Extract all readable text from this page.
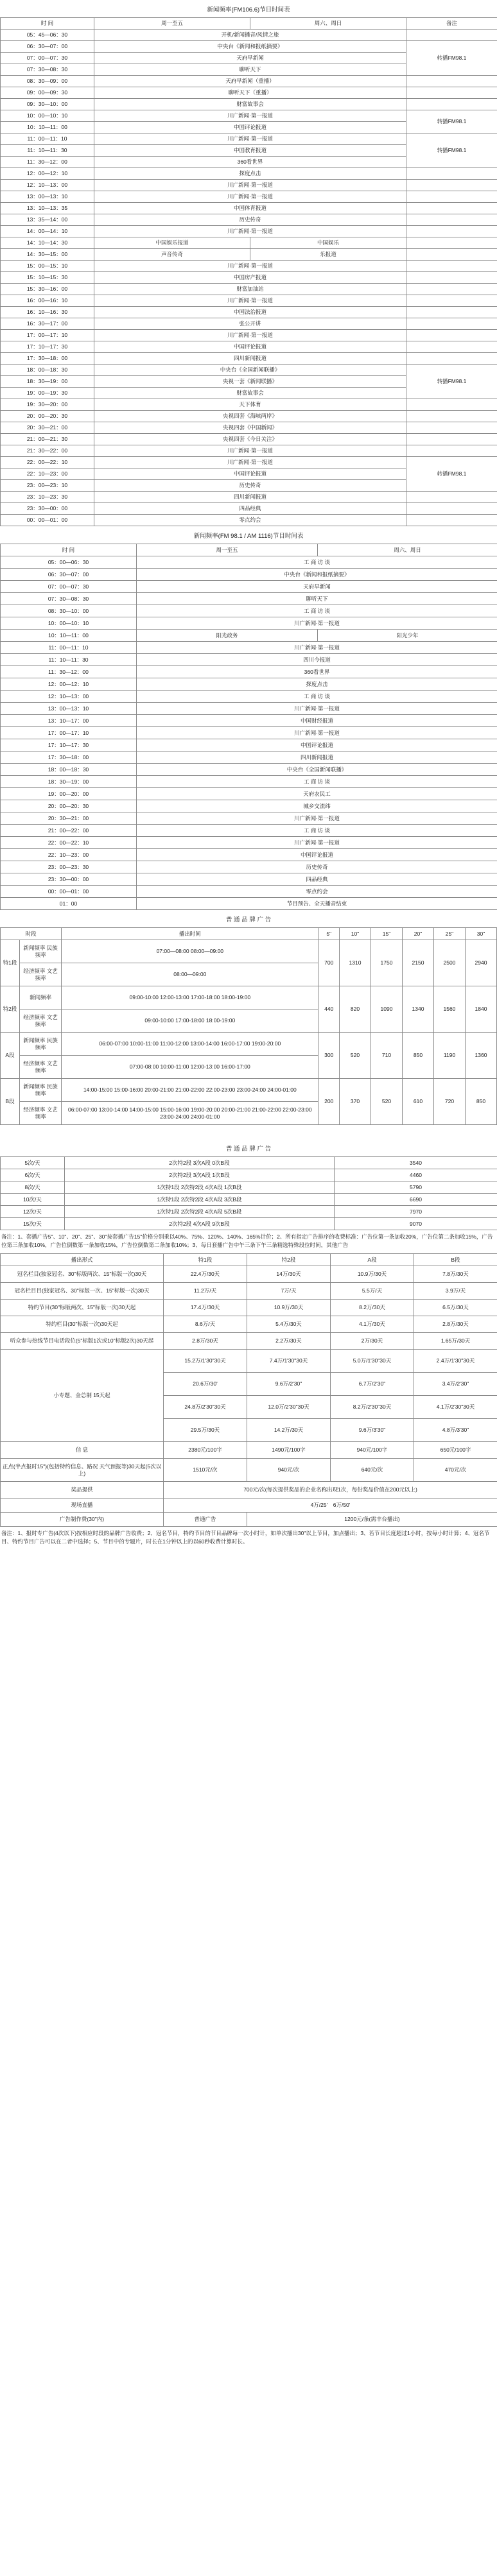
新闻频率(FM106.6)节目时间表
时 间	周一至五	周六、周日	备注
05：45—06：30	开机/新闻播音/风情之旅		
06：30—07：00	中央台《新闻和报纸摘要》		转播FM98.1
07：00—07：30	天府早新闻		
07：30—08：30	聊听天下		
08：30—09：00	天府早新闻（重播）		
09：00—09：30	聊听天下（重播）		
09：30—10：00	财富故事会		
10：00—10：10	川广新闻·第一报道		转播FM98.1
10：10—11：00	中国评论报道		
11：00—11：10	川广新闻·第一报道		转播FM98.1
11：10—11：30	中国教育报道		
11：30—12：00	360看世界		
12：00—12：10	探度点击		
12：10—13：00	川广新闻·第一报道		
13：00—13：10	川广新闻·第一报道		
13：10—13：35	中国体育报道		
13：35—14：00	历史传奇		
14：00—14：10	川广新闻·第一报道		
14：10—14：30	中国娱乐报道	中国娱乐	
14：30—15：00	声音传奇	乐报道	
15：00—15：10	川广新闻·第一报道		
15：10—15：30	中国房产报道		
15：30—16：00	财富加油站		
16：00—16：10	川广新闻·第一报道		
16：10—16：30	中国法治报道		
16：30—17：00	张公开讲		
17：00—17：10	川广新闻·第一报道		
17：10—17：30	中国评论报道		
17：30—18：00	四川新闻报道		
18：00—18：30	中央台《全国新闻联播》		转播FM98.1
18：30—19：00	央视一套《新闻联播》		
19：00—19：30	财富故事会		
19：30—20：00	天下体育		
20：00—20：30	央视四套《海峡两岸》		
20：30—21：00	央视四套《中国新闻》		
21：00—21：30	央视四套《今日关注》		
21：30—22：00	川广新闻·第一报道		
22：00—22：10	川广新闻·第一报道		转播FM98.1
22：10—23：00	中国评论报道		
23：00—23：10	历史传奇		
23：10—23：30	四川新闻报道		
23：30—00：00	四品经典		
00：00—01：00	零点约会		
新闻频率(FM 98.1 / AM 1116)节目时间表
时 间	周一至五	周六、周日
05：00—06：30	工 商 访 谈	
06：30—07：00	中央台《新闻和报纸摘要》	
07：00—07：30	天府早新闻	
07：30—08：30	聊听天下	
08：30—10：00	工 商 访 谈	
10：00—10：10	川广新闻·第一报道	
10：10—11：00	阳光政务	阳光少年
11：00—11：10	川广新闻·第一报道	
11：10—11：30	四川今报道	
11：30—12：00	360看世界	
12：00—12：10	探度点击	
12：10—13：00	工 商 访 谈	
13：00—13：10	川广新闻·第一报道	
13：10—17：00	中国财经报道	
17：00—17：10	川广新闻·第一报道	
17：10—17：30	中国评论报道	
17：30—18：00	四川新闻报道	
18：00—18：30	中央台《全国新闻联播》	
18：30—19：00	工 商 访 谈	
19：00—20：00	天府农民工	
20：00—20：30	城乡交流纬	
20：30—21：00	川广新闻·第一报道	
21：00—22：00	工 商 访 谈	
22：00—22：10	川广新闻·第一报道	
22：10—23：00	中国评论报道	
23：00—23：30	历史传奇	
23：30—00：00	四品经典	
00：00—01：00	零点约会	
01：00	节目预告、全天播音结束	
普 通 品 牌 广 告
时段		播出时间	5"	10"	15"	20"	25"	30"
特1段	新闻频率 民族频率	07:00—08:00 08:00—09:00	700	1310	1750	2150	2500	2940
	经济频率 文艺频率	08:00—09:00						
特2段	新闻频率	09:00-10:00 12:00-13:00 17:00-18:00 18:00-19:00	440	820	1090	1340	1560	1840
	经济频率 文艺频率	09:00-10:00 17:00-18:00 18:00-19:00						
A段	新闻频率 民族频率	06:00-07:00 10:00-11:00 11:00-12:00 13:00-14:00 16:00-17:00 19:00-20:00	300	520	710	850	1190	1360
	经济频率 文艺频率	07:00-08:00 10:00-11:00 12:00-13:00 16:00-17:00						
B段	新闻频率 民族频率	14:00-15:00 15:00-16:00 20:00-21:00 21:00-22:00 22:00-23:00 23:00-24:00 24:00-01:00	200	370	520	610	720	850
	经济频率 文艺频率	06:00-07:00 13:00-14:00 14:00-15:00 15:00-16:00 19:00-20:00 20:00-21:00 21:00-22:00 22:00-23:00 23:00-24:00 24:00-01:00						
普 通 品 牌 广 告
5次/天	2次特2段 3次A段 0次B段	3540
6次/天	2次特2段 3次A段 1次B段	4460
8次/天	1次特1段 2次特2段 4次A段 1次B段	5790
10次/天	1次特1段 2次特2段 4次A段 3次B段	6690
12次/天	1次特1段 2次特2段 4次A段 5次B段	7970
15次/天	2次特2段 4次A段 9次B段	9070
备注：1、套播广告5"、10"、20"、25"、30"按套播广告15"价格分别乘以40%、75%、120%、140%、165%计价；2、所有指定广告排序的收费标准：广告位第一条加收20%，广告位第二条加收15%，广告位第三条加收10%，广告位倒数第一条加收15%，广告位倒数第二条加收10%；3、每日套播广告中午三条下午三条精选特殊段位时间，其他广告
播出形式	特1段	特2段	A段	B段
冠名栏目(独家冠名、30"标版两次、15"标版一次)30天	22.4万/30天	14万/30天	10.9万/30天	7.8万/30天
冠名栏目目(独家冠名、30"标版一次、15"标版一次)30天	11.2万/天	7万/天	5.5万/天	3.9万/天
特约节目(30"标版两次、15"标版一次)30天起	17.4万/30天	10.9万/30天	8.2万/30天	6.5万/30天
特约栏目(30"标版一次)30天起	8.6万/天	5.4万/30天	4.1万/30天	2.8万/30天
听众参与热线节目电话段位(5"标版1次或10"标版2次)30天起	2.8万/30天	2.2万/30天	2万/30天	1.65万/30天
小专题、金总制 15天起	15.2万/1'30"30天	7.4万/1'30"30天	5.0万/1'30"30天	2.4万/1'30"30天
	20.6万/30'	9.6万/2'30"	6.7万/2'30"	3.4万/2'30"
	24.8万/2'30"30天	12.0万/2'30"30天	8.2万/2'30"30天	4.1万/2'30"30天
	29.5万/30天	14.2万/30天	9.6万/3'30"	4.8万/3'30"
信 息	2380元/100字	1490元/100字	940元/100字	650元/100字
正点(半点报时15")(包括特约信息、路况 天气预报等)30天起(5次以上)	1510元/次	940元/次	640元/次	470元/次
奖品提供	700元/次(每次提供奖品的企业名称出现1次，每份奖品价值在200元以上)			
现场直播	4万/25'　6万/50'			
广告制作费(30"内)	普通广告	1200元/条(需丰台播出)		
备注：1、报时专广告(4次以下)按相应时段的品牌广告收费；2、冠名节目，特约节目的节目品牌每一次小时计，如单次播出30"以上节目，加点播出；3、若节目长度超过1小时，按每小时计算；4、冠名节目、特约节目广告可以在二者中选择；5、节目中的专题片，时长在1分钟以上的以60秒收费计算时长。
